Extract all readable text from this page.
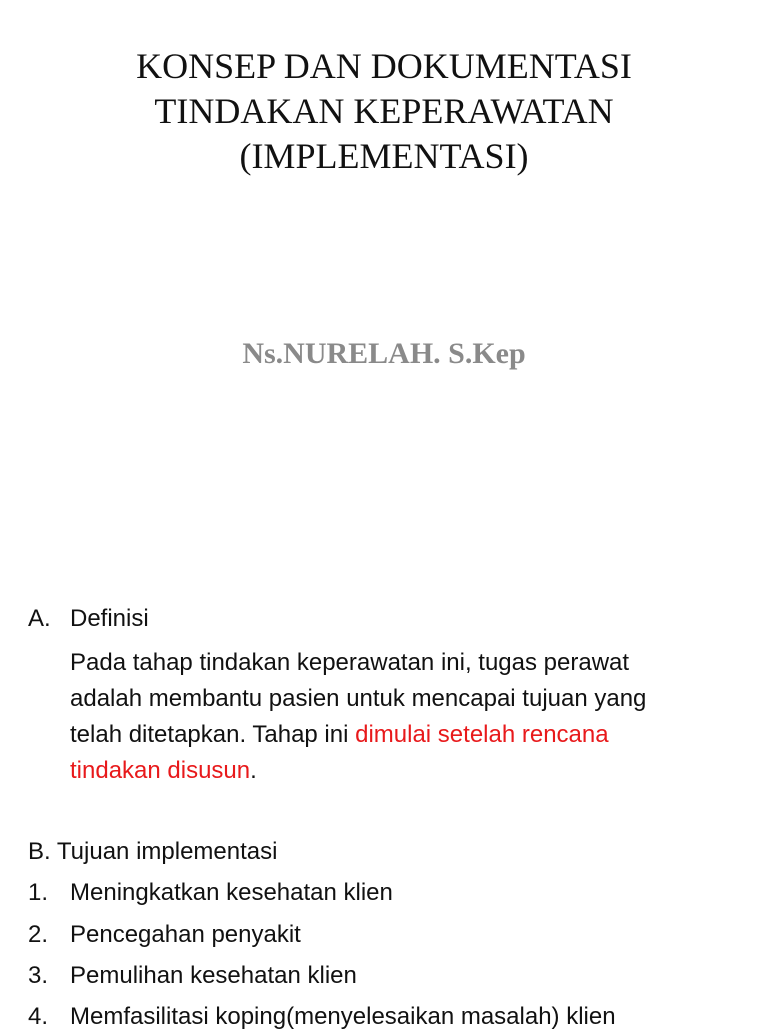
KONSEP DAN DOKUMENTASI
TINDAKAN KEPERAWATAN
(IMPLEMENTASI)
Ns.NURELAH. S.Kep
A. Definisi
Pada tahap tindakan keperawatan ini, tugas perawat
adalah membantu pasien untuk mencapai tujuan yang
telah ditetapkan. Tahap ini dimulai setelah rencana
tindakan disusun.
B. Tujuan implementasi
1. Meningkatkan kesehatan klien
2. Pencegahan penyakit
3. Pemulihan kesehatan klien
4. Memfasilitasi koping(menyelesaikan masalah) klien
